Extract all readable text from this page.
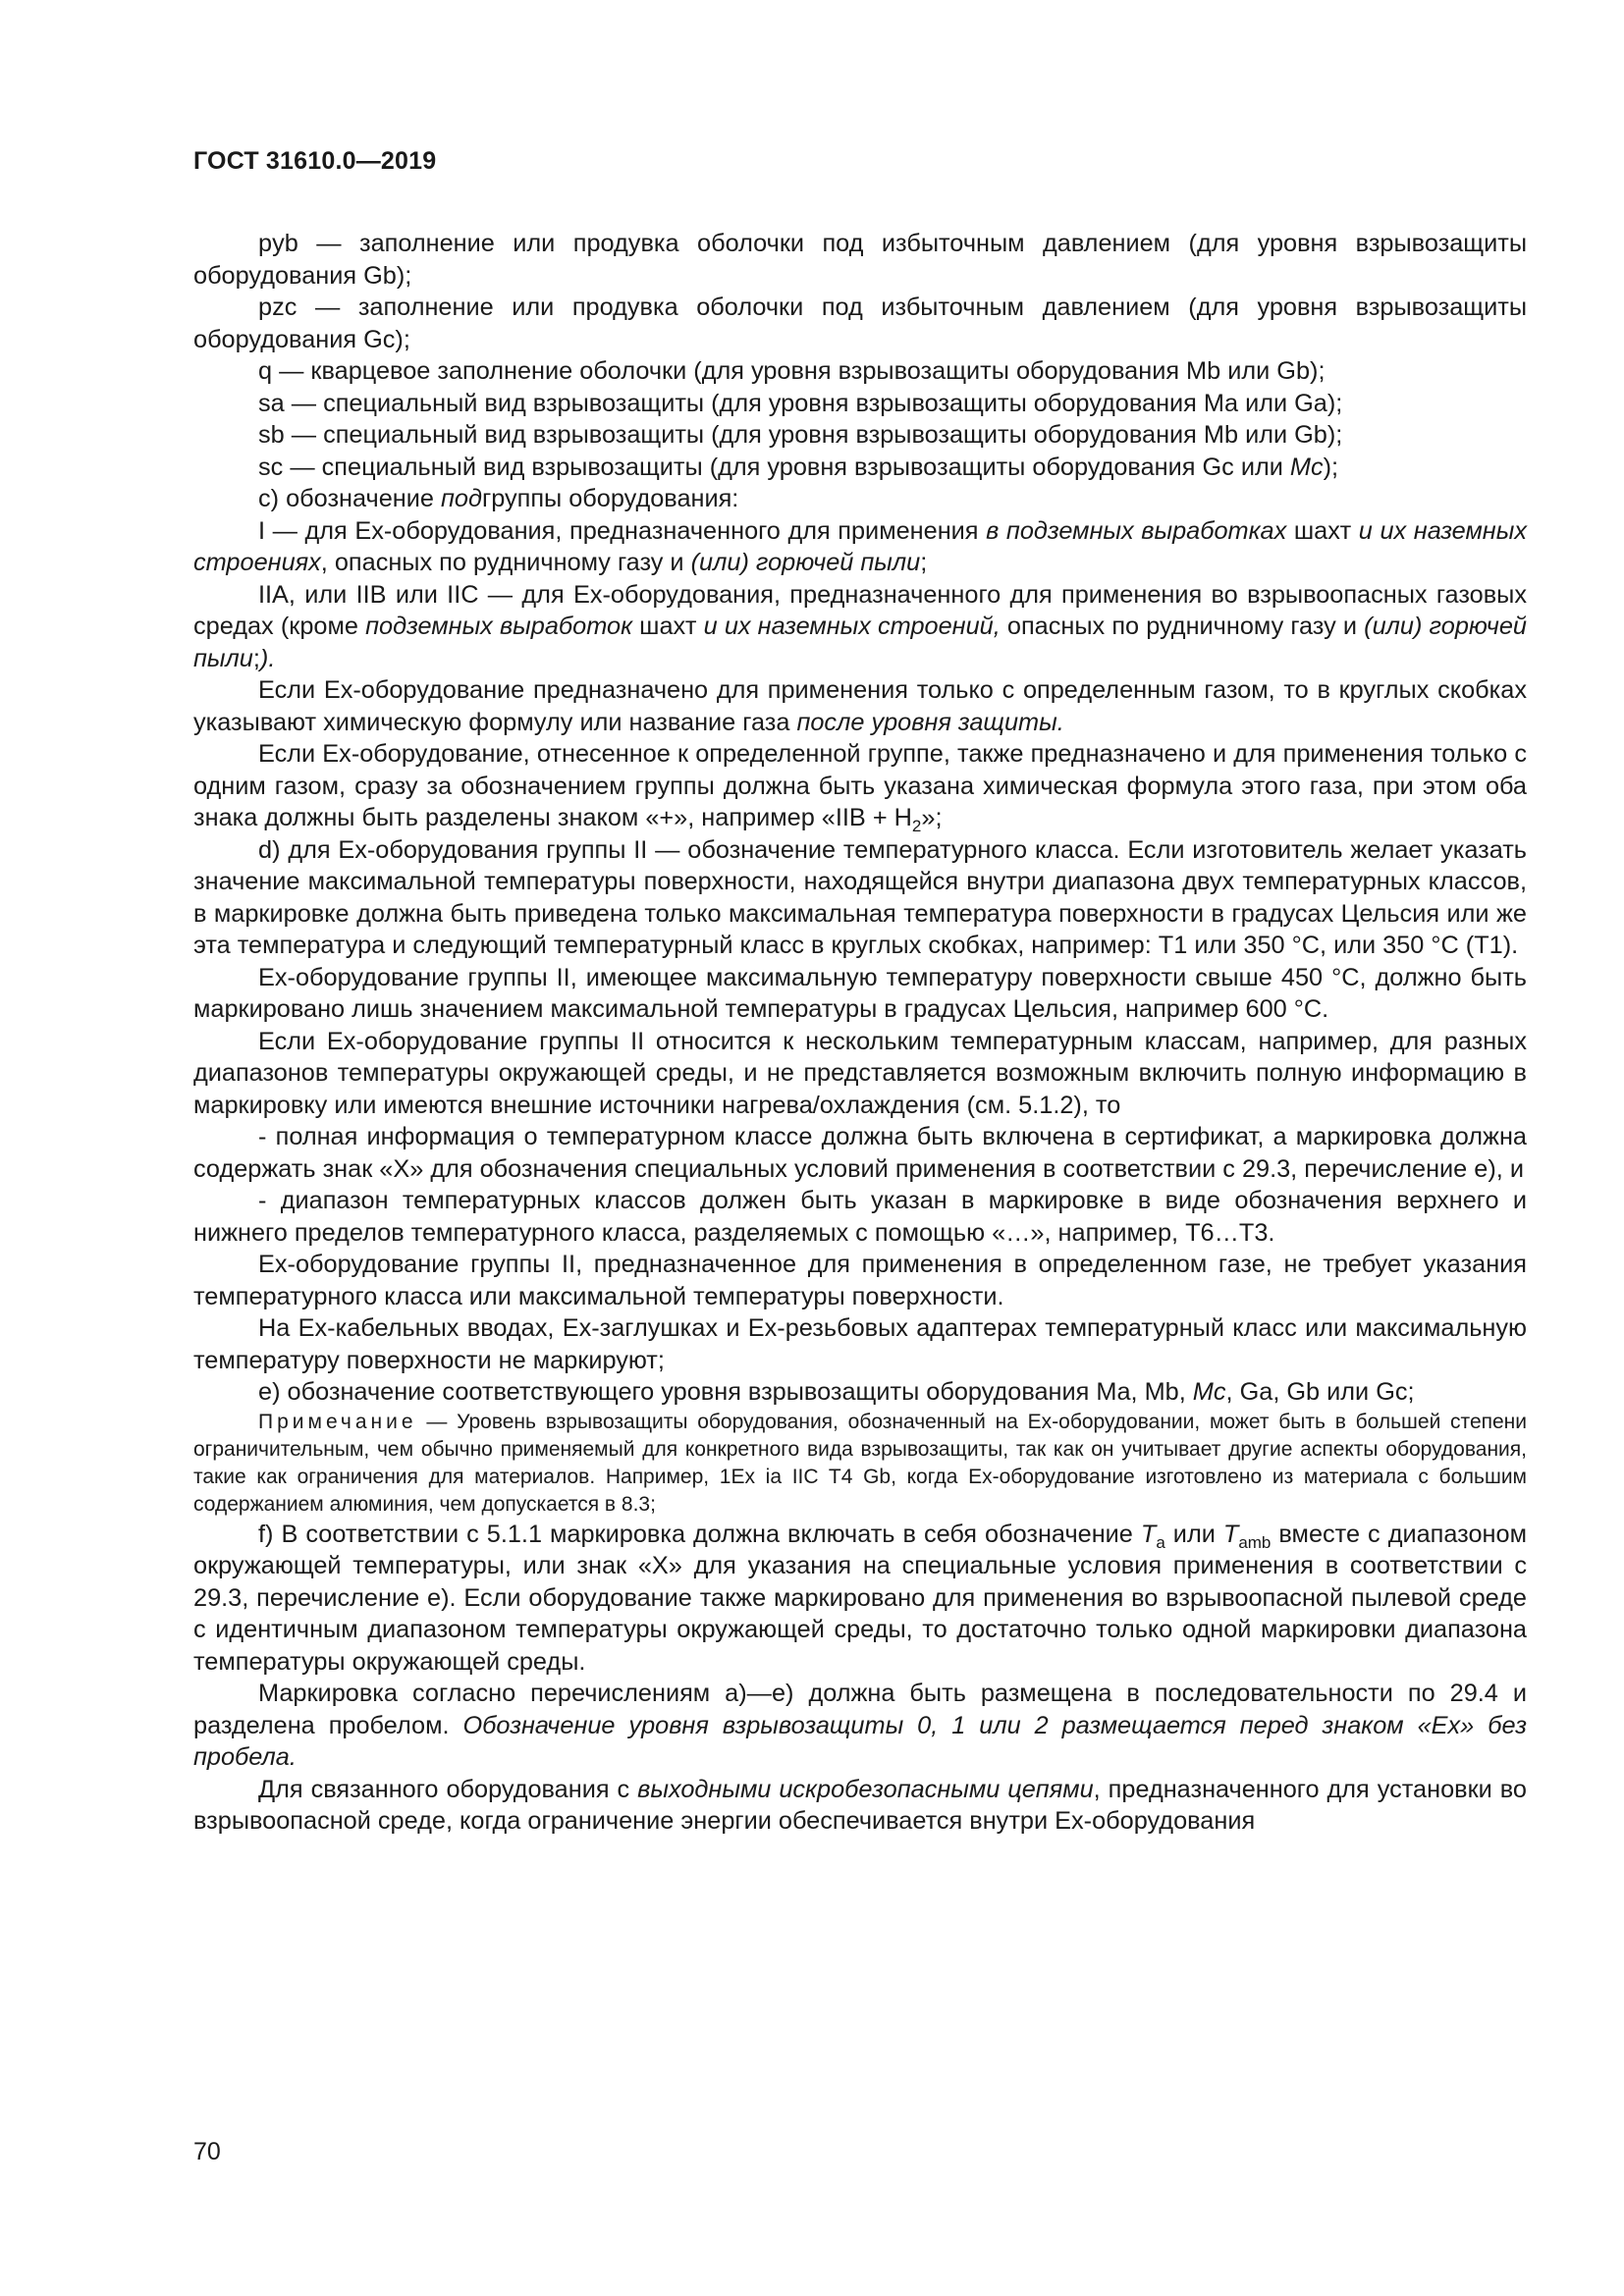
ГОСТ 31610.0—2019

pyb — заполнение или продувка оболочки под избыточным давлением (для уровня взрывозащиты оборудования Gb);

pzc — заполнение или продувка оболочки под избыточным давлением (для уровня взрывозащиты оборудования Gc);

q — кварцевое заполнение оболочки (для уровня взрывозащиты оборудования Mb или Gb);

sa — специальный вид взрывозащиты (для уровня взрывозащиты оборудования Ma или Ga);

sb — специальный вид взрывозащиты (для уровня взрывозащиты оборудования Mb или Gb);

sc — специальный вид взрывозащиты (для уровня взрывозащиты оборудования Gc или Mc);

c) обозначение подгруппы оборудования:

I — для Ex-оборудования, предназначенного для применения в подземных выработках шахт и их наземных строениях, опасных по рудничному газу и (или) горючей пыли;

IIA, или IIB или IIC — для Ex-оборудования, предназначенного для применения во взрывоопасных газовых средах (кроме подземных выработок шахт и их наземных строений, опасных по рудничному газу и (или) горючей пыли;).

Если Ex-оборудование предназначено для применения только с определенным газом, то в круглых скобках указывают химическую формулу или название газа после уровня защиты.

Если Ex-оборудование, отнесенное к определенной группе, также предназначено и для применения только с одним газом, сразу за обозначением группы должна быть указана химическая формула этого газа, при этом оба знака должны быть разделены знаком «+», например «IIB + $H_2$»;

d) для Ex-оборудования группы II — обозначение температурного класса. Если изготовитель желает указать значение максимальной температуры поверхности, находящейся внутри диапазона двух температурных классов, в маркировке должна быть приведена только максимальная температура поверхности в градусах Цельсия или же эта температура и следующий температурный класс в круглых скобках, например: T1 или 350 °C, или 350 °C (T1).

Ex-оборудование группы II, имеющее максимальную температуру поверхности свыше 450 °C, должно быть маркировано лишь значением максимальной температуры в градусах Цельсия, например 600 °C.

Если Ex-оборудование группы II относится к нескольким температурным классам, например, для разных диапазонов температуры окружающей среды, и не представляется возможным включить полную информацию в маркировку или имеются внешние источники нагрева/охлаждения (см. 5.1.2), то

- полная информация о температурном классе должна быть включена в сертификат, а маркировка должна содержать знак «X» для обозначения специальных условий применения в соответствии с 29.3, перечисление е), и

- диапазон температурных классов должен быть указан в маркировке в виде обозначения верхнего и нижнего пределов температурного класса, разделяемых с помощью «…», например, T6…T3.

Ex-оборудование группы II, предназначенное для применения в определенном газе, не требует указания температурного класса или максимальной температуры поверхности.

На Ex-кабельных вводах, Ex-заглушках и Ex-резьбовых адаптерах температурный класс или максимальную температуру поверхности не маркируют;

e) обозначение соответствующего уровня взрывозащиты оборудования Ma, Mb, Mc, Ga, Gb или Gc;

Примечание — Уровень взрывозащиты оборудования, обозначенный на Ex-оборудовании, может быть в большей степени ограничительным, чем обычно применяемый для конкретного вида взрывозащиты, так как он учитывает другие аспекты оборудования, такие как ограничения для материалов. Например, 1Ex ia IIC T4 Gb, когда Ex-оборудование изготовлено из материала с большим содержанием алюминия, чем допускается в 8.3;

f) В соответствии с 5.1.1 маркировка должна включать в себя обозначение $T_a$ или $T_{amb}$ вместе с диапазоном окружающей температуры, или знак «X» для указания на специальные условия применения в соответствии с 29.3, перечисление е). Если оборудование также маркировано для применения во взрывоопасной пылевой среде с идентичным диапазоном температуры окружающей среды, то достаточно только одной маркировки диапазона температуры окружающей среды.

Маркировка согласно перечислениям а)—е) должна быть размещена в последовательности по 29.4 и разделена пробелом. Обозначение уровня взрывозащиты 0, 1 или 2 размещается перед знаком «Ex» без пробела.

Для связанного оборудования с выходными искробезопасными цепями, предназначенного для установки во взрывоопасной среде, когда ограничение энергии обеспечивается внутри Ex-оборудования

70
